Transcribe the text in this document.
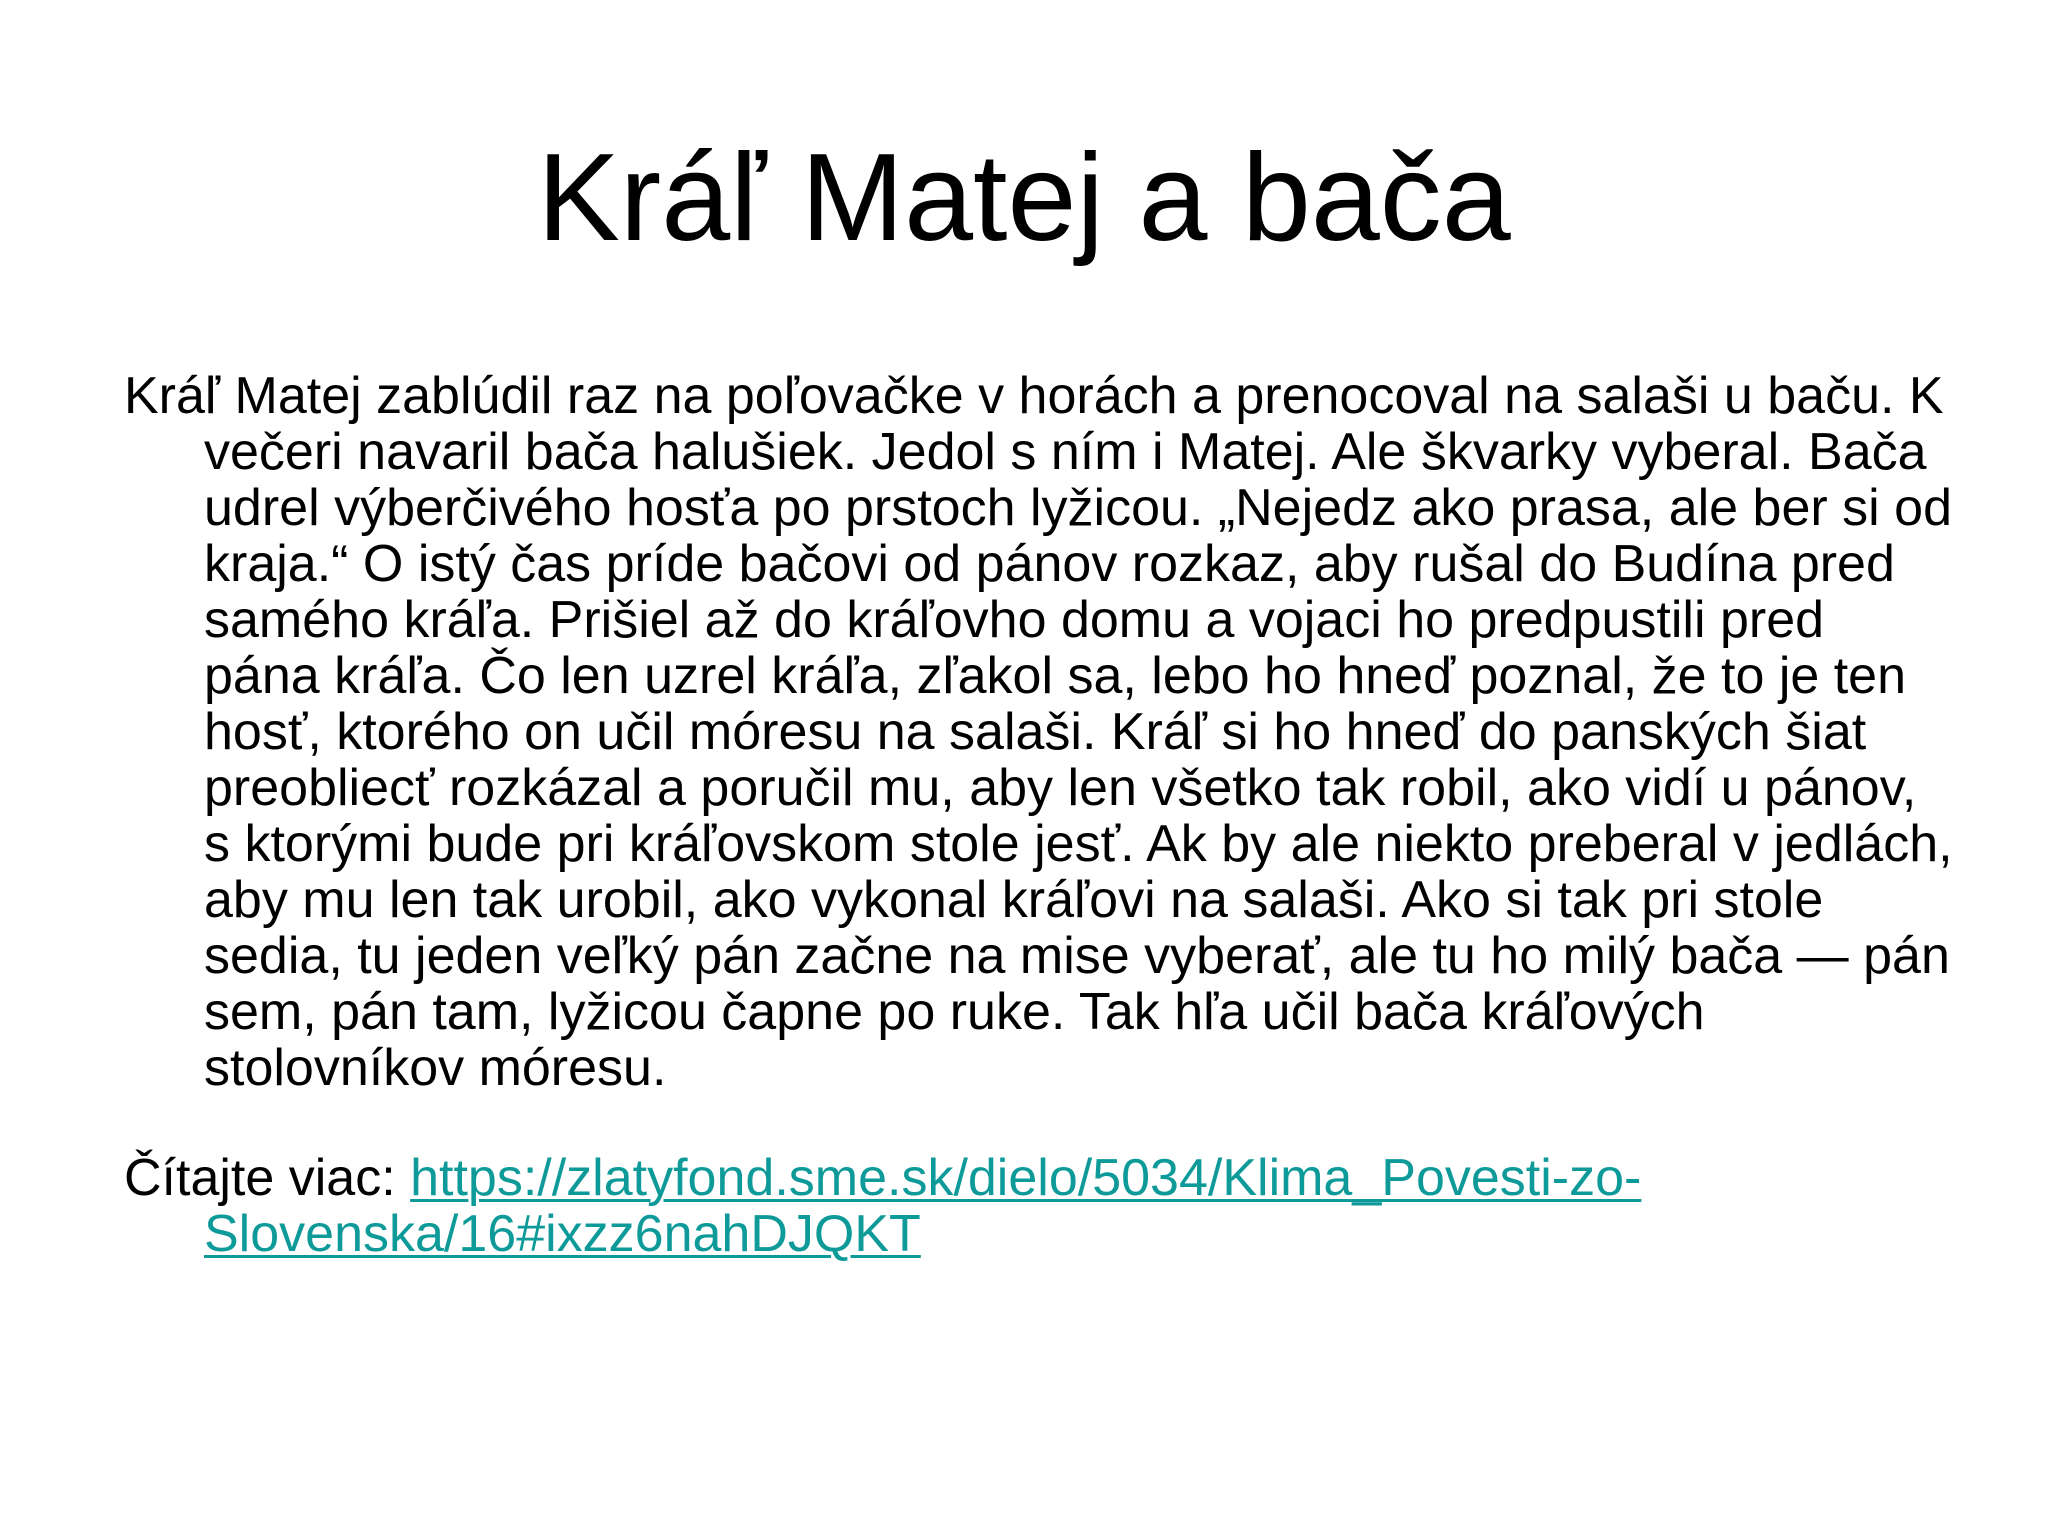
Kráľ Matej a bača

Kráľ Matej zablúdil raz na poľovačke v horách a prenocoval na salaši u baču. K večeri navaril bača halušiek. Jedol s ním i Matej. Ale škvarky vyberal. Bača udrel výberčivého hosťa po prstoch lyžicou. „Nejedz ako prasa, ale ber si od kraja.“ O istý čas príde bačovi od pánov rozkaz, aby rušal do Budína pred samého kráľa. Prišiel až do kráľovho domu a vojaci ho predpustili pred pána kráľa. Čo len uzrel kráľa, zľakol sa, lebo ho hneď poznal, že to je ten hosť, ktorého on učil móresu na salaši. Kráľ si ho hneď do panských šiat preobliecť rozkázal a poručil mu, aby len všetko tak robil, ako vidí u pánov, s ktorými bude pri kráľovskom stole jesť. Ak by ale niekto preberal v jedlách, aby mu len tak urobil, ako vykonal kráľovi na salaši. Ako si tak pri stole sedia, tu jeden veľký pán začne na mise vyberať, ale tu ho milý bača — pán sem, pán tam, lyžicou čapne po ruke. Tak hľa učil bača kráľových stolovníkov móresu.

Čítajte viac: https://zlatyfond.sme.sk/dielo/5034/Klima_Povesti-zo- Slovenska/16#ixzz6nahDJQKT
